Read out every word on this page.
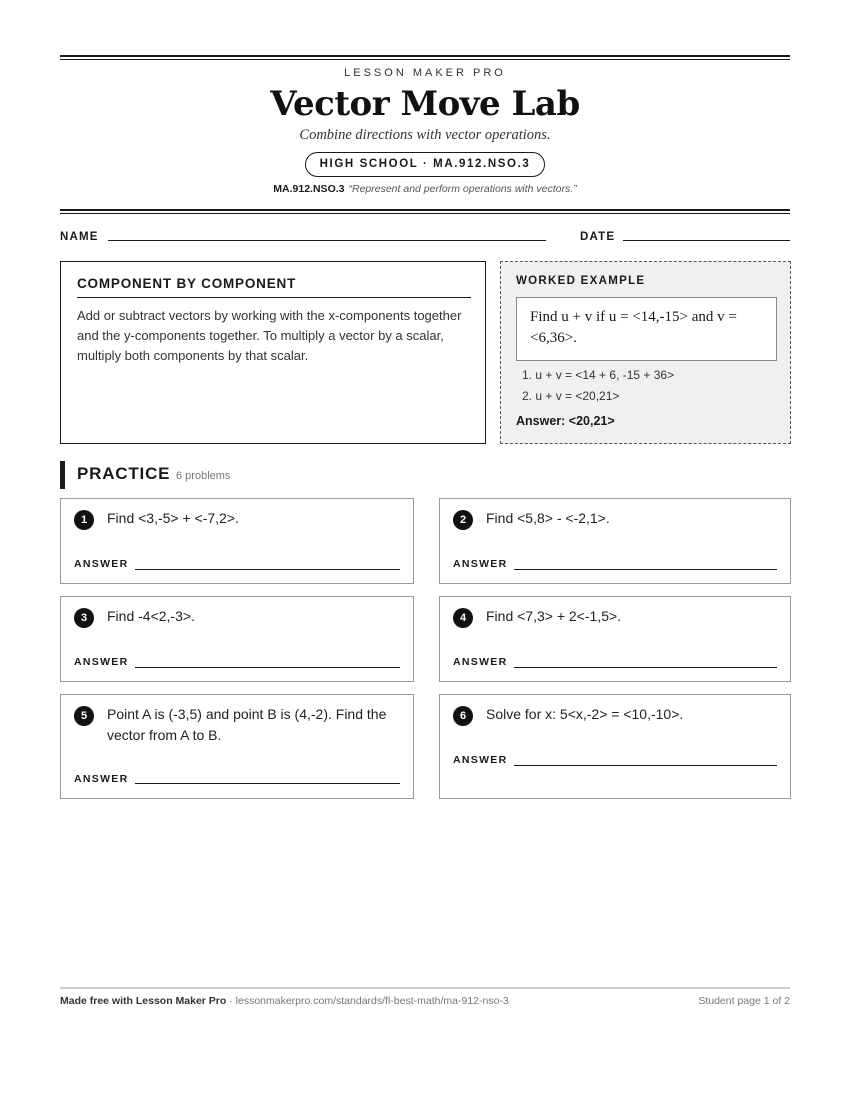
LESSON MAKER PRO
Vector Move Lab
Combine directions with vector operations.
HIGH SCHOOL · MA.912.NSO.3
MA.912.NSO.3 “Represent and perform operations with vectors.”
NAME	DATE
COMPONENT BY COMPONENT
Add or subtract vectors by working with the x-components together and the y-components together. To multiply a vector by a scalar, multiply both components by that scalar.
WORKED EXAMPLE
Find u + v if u = <14,-15> and v = <6,36>.
1. u + v = <14 + 6, -15 + 36>
2. u + v = <20,21>
Answer: <20,21>
PRACTICE 6 problems
1	Find <3,-5> + <-7,2>.
ANSWER
2	Find <5,8> - <-2,1>.
ANSWER
3	Find -4<2,-3>.
ANSWER
4	Find <7,3> + 2<-1,5>.
ANSWER
5	Point A is (-3,5) and point B is (4,-2). Find the vector from A to B.
ANSWER
6	Solve for x: 5<x,-2> = <10,-10>.
ANSWER
Made free with Lesson Maker Pro · lessonmakerpro.com/standards/fl-best-math/ma-912-nso-3	Student page 1 of 2
